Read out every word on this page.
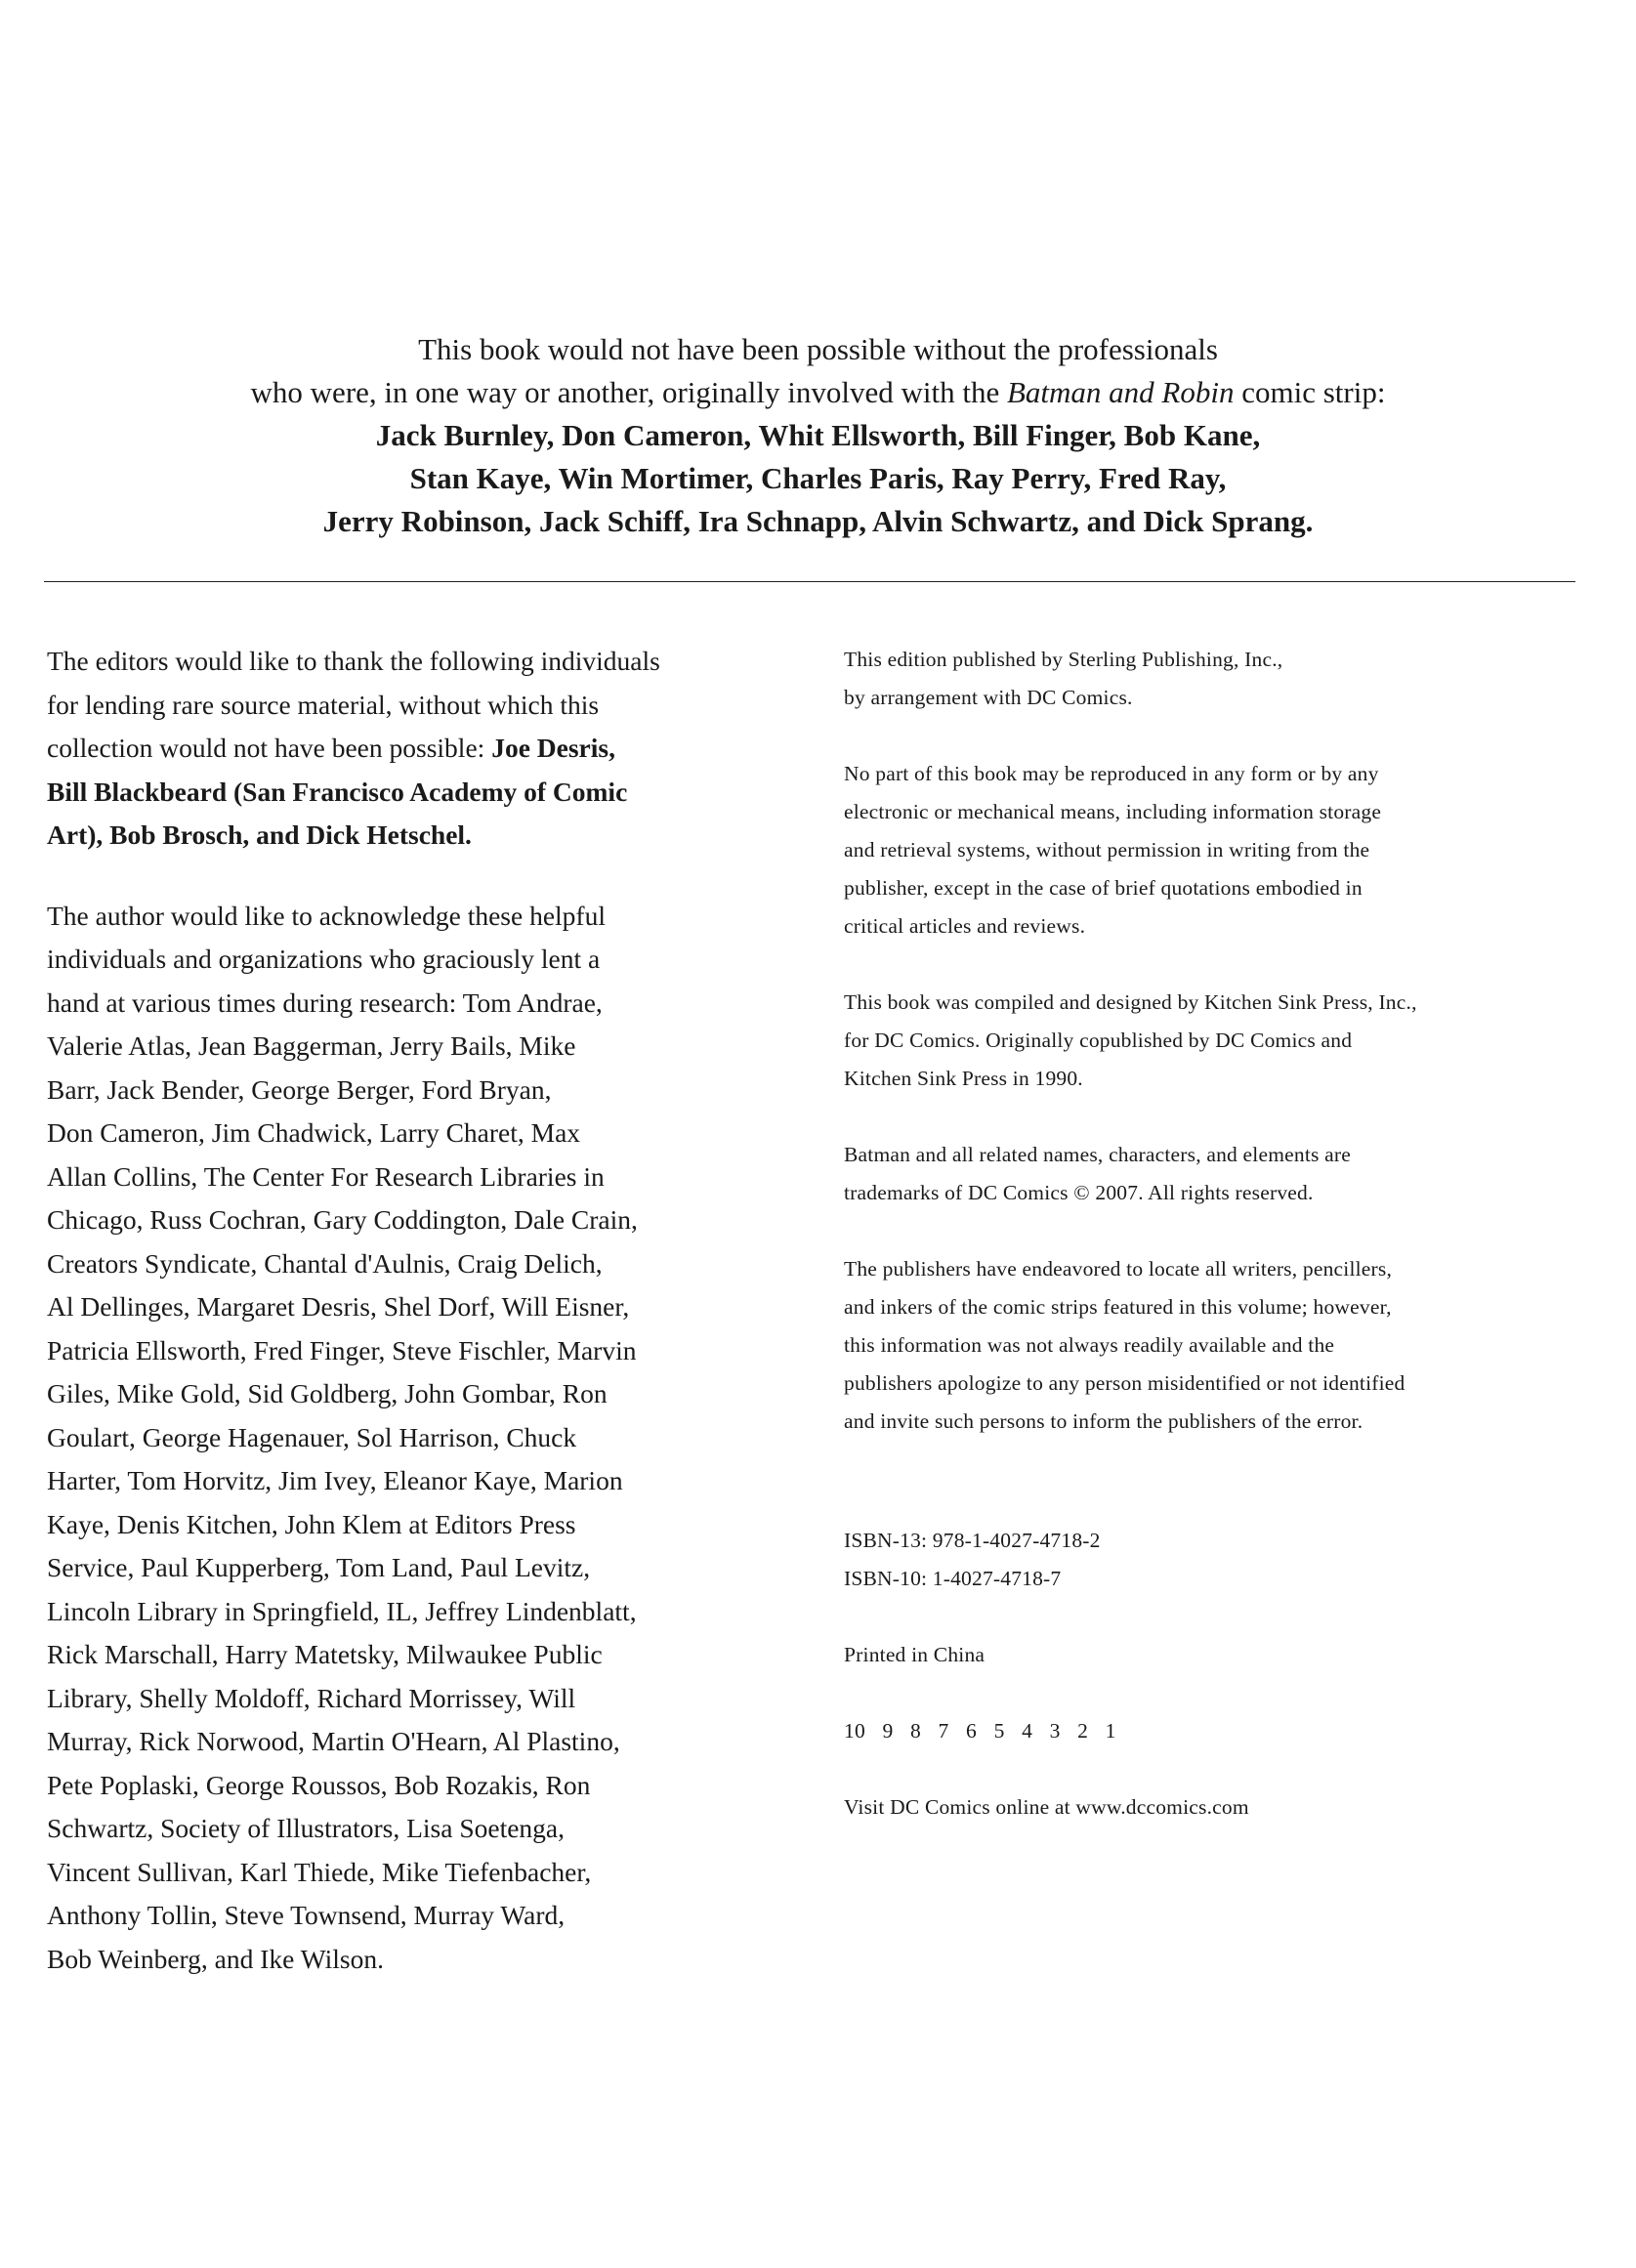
This book would not have been possible without the professionals
who were, in one way or another, originally involved with the Batman and Robin comic strip:
Jack Burnley, Don Cameron, Whit Ellsworth, Bill Finger, Bob Kane,
Stan Kaye, Win Mortimer, Charles Paris, Ray Perry, Fred Ray,
Jerry Robinson, Jack Schiff, Ira Schnapp, Alvin Schwartz, and Dick Sprang.
The editors would like to thank the following individuals
for lending rare source material, without which this
collection would not have been possible: Joe Desris,
Bill Blackbeard (San Francisco Academy of Comic
Art), Bob Brosch, and Dick Hetschel.
The author would like to acknowledge these helpful
individuals and organizations who graciously lent a
hand at various times during research: Tom Andrae,
Valerie Atlas, Jean Baggerman, Jerry Bails, Mike
Barr, Jack Bender, George Berger, Ford Bryan,
Don Cameron, Jim Chadwick, Larry Charet, Max
Allan Collins, The Center For Research Libraries in
Chicago, Russ Cochran, Gary Coddington, Dale Crain,
Creators Syndicate, Chantal d'Aulnis, Craig Delich,
Al Dellinges, Margaret Desris, Shel Dorf, Will Eisner,
Patricia Ellsworth, Fred Finger, Steve Fischler, Marvin
Giles, Mike Gold, Sid Goldberg, John Gombar, Ron
Goulart, George Hagenauer, Sol Harrison, Chuck
Harter, Tom Horvitz, Jim Ivey, Eleanor Kaye, Marion
Kaye, Denis Kitchen, John Klem at Editors Press
Service, Paul Kupperberg, Tom Land, Paul Levitz,
Lincoln Library in Springfield, IL, Jeffrey Lindenblatt,
Rick Marschall, Harry Matetsky, Milwaukee Public
Library, Shelly Moldoff, Richard Morrissey, Will
Murray, Rick Norwood, Martin O'Hearn, Al Plastino,
Pete Poplaski, George Roussos, Bob Rozakis, Ron
Schwartz, Society of Illustrators, Lisa Soetenga,
Vincent Sullivan, Karl Thiede, Mike Tiefenbacher,
Anthony Tollin, Steve Townsend, Murray Ward,
Bob Weinberg, and Ike Wilson.
This edition published by Sterling Publishing, Inc.,
by arrangement with DC Comics.
No part of this book may be reproduced in any form or by any
electronic or mechanical means, including information storage
and retrieval systems, without permission in writing from the
publisher, except in the case of brief quotations embodied in
critical articles and reviews.
This book was compiled and designed by Kitchen Sink Press, Inc.,
for DC Comics. Originally copublished by DC Comics and
Kitchen Sink Press in 1990.
Batman and all related names, characters, and elements are
trademarks of DC Comics © 2007. All rights reserved.
The publishers have endeavored to locate all writers, pencillers,
and inkers of the comic strips featured in this volume; however,
this information was not always readily available and the
publishers apologize to any person misidentified or not identified
and invite such persons to inform the publishers of the error.
ISBN-13: 978-1-4027-4718-2
ISBN-10: 1-4027-4718-7
Printed in China
10 9 8 7 6 5 4 3 2 1
Visit DC Comics online at www.dccomics.com
